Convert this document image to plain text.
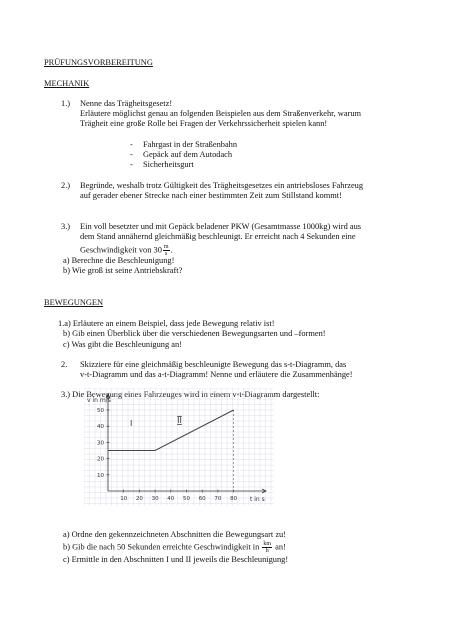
PRÜFUNGSVORBEREITUNG
MECHANIK
1.) Nenne das Trägheitsgesetz!
Erläutere möglichst genau an folgenden Beispielen aus dem Straßenverkehr, warum
Trägheit eine große Rolle bei Fragen der Verkehrssicherheit spielen kann!
- Fahrgast in der Straßenbahn
- Gepäck auf dem Autodach
- Sicherheitsgurt
2.) Begründe, weshalb trotz Gültigkeit des Trägheitsgesetzes ein antriebsloses Fahrzeug
auf gerader ebener Strecke nach einer bestimmten Zeit zum Stillstand kommt!
3.) Ein voll besetzter und mit Gepäck beladener PKW (Gesamtmasse 1000kg) wird aus
dem Stand annähernd gleichmäßig beschleunigt. Er erreicht nach 4 Sekunden eine
Geschwindigkeit von $30 \frac{m}{s}$ .
a) Berechne die Beschleunigung!
b) Wie groß ist seine Antriebskraft?
BEWEGUNGEN
1.a) Erläutere an einem Beispiel, dass jede Bewegung relativ ist!
b) Gib einen Überblick über die verschiedenen Bewegungsarten und –formen!
c) Was gibt die Beschleunigung an!
2. Skizziere für eine gleichmäßig beschleunigte Bewegung das s-t-Diagramm, das
v-t-Diagramm und das a-t-Diagramm! Nenne und erläutere die Zusammenhänge!
3.) Die Bewegung eines Fahrzeuges wird in einem v-t-Diagramm dargestellt:
10 20 30 40 50 60 70 80
10
20
30
40
50
v in m/s
t in s
I	II
a) Ordne den gekennzeichneten Abschnitten die Bewegungsart zu!
b) Gib die nach 50 Sekunden erreichte Geschwindigkeit in $\frac{km}{h}$ an!
c) Ermittle in den Abschnitten I und II jeweils die Beschleunigung!
